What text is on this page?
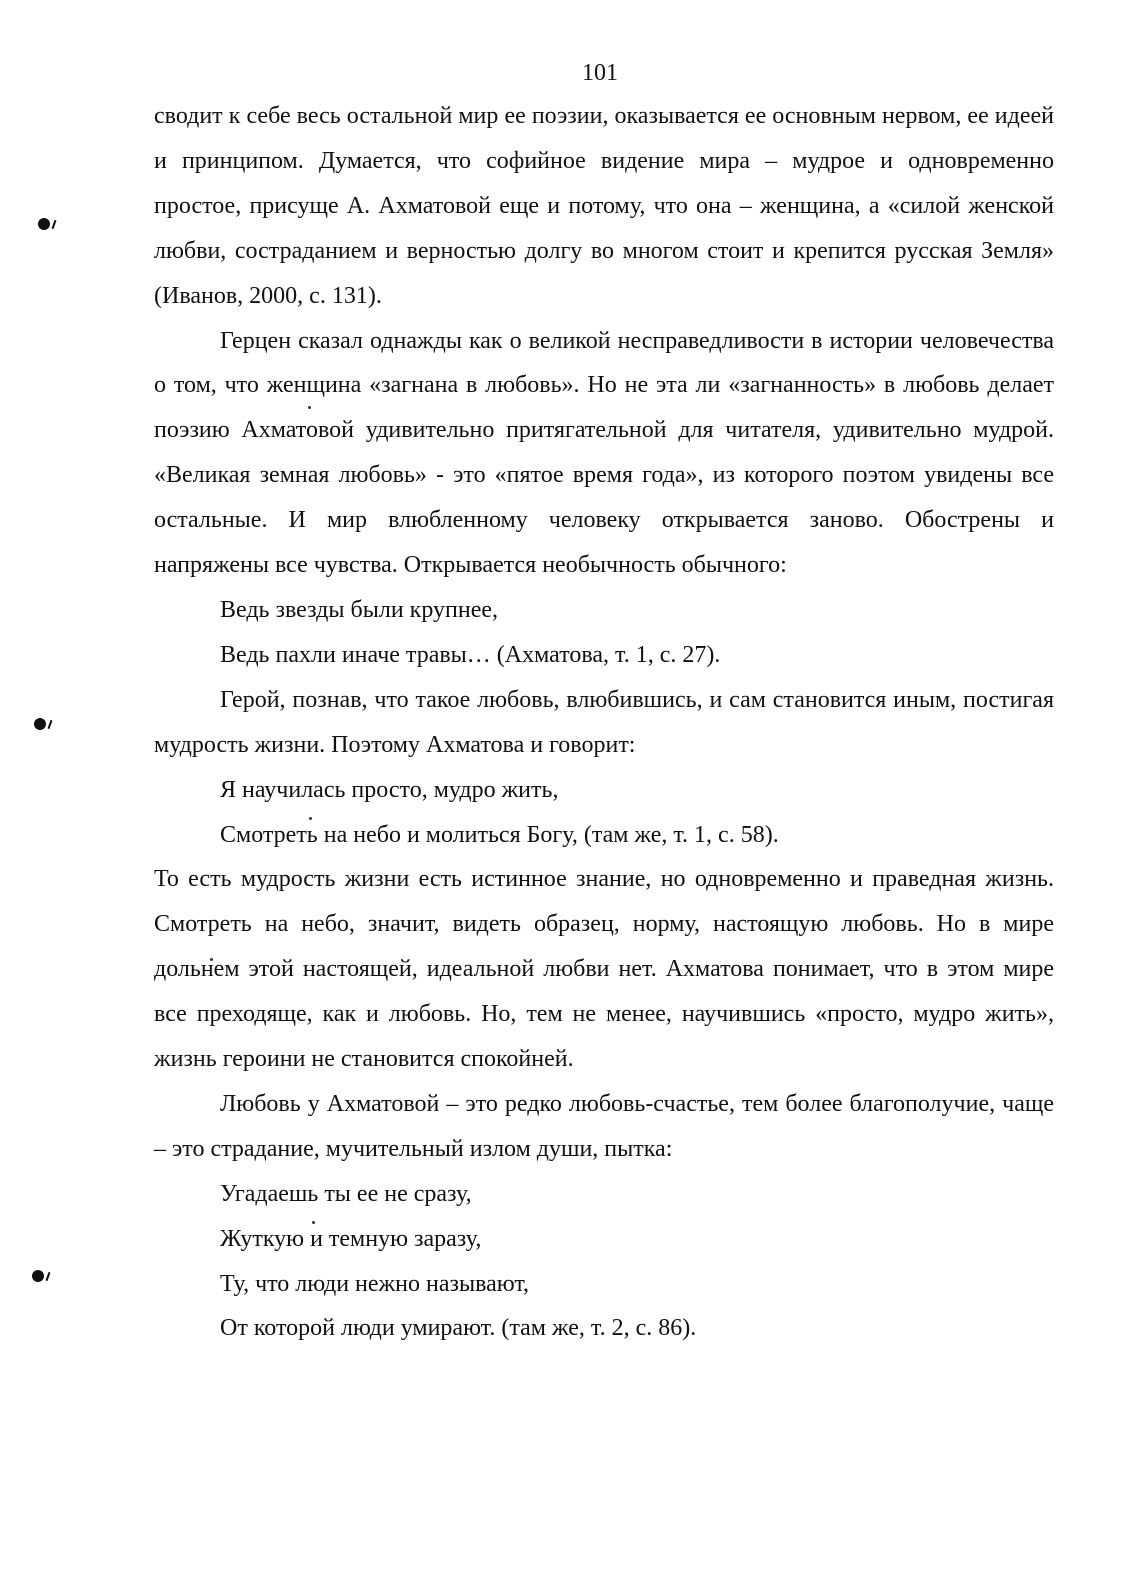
101

сводит к себе весь остальной мир ее поэзии, оказывается ее основным нервом, ее идеей и принципом. Думается, что софийное видение мира – мудрое и одновременно простое, присуще А. Ахматовой еще и потому, что она – женщина, а «силой женской любви, состраданием и верностью долгу во многом стоит и крепится русская Земля» (Иванов, 2000, с. 131).

Герцен сказал однажды как о великой несправедливости в истории человечества о том, что женщина «загнана в любовь». Но не эта ли «загнанность» в любовь делает поэзию Ахматовой удивительно притягательной для читателя, удивительно мудрой. «Великая земная любовь» - это «пятое время года», из которого поэтом увидены все остальные. И мир влюбленному человеку открывается заново. Обострены и напряжены все чувства. Открывается необычность обычного:

Ведь звезды были крупнее,

Ведь пахли иначе травы… (Ахматова, т. 1, с. 27).

Герой, познав, что такое любовь, влюбившись, и сам становится иным, постигая мудрость жизни. Поэтому Ахматова и говорит:

Я научилась просто, мудро жить,

Смотреть на небо и молиться Богу, (там же, т. 1, с. 58).

То есть мудрость жизни есть истинное знание, но одновременно и праведная жизнь. Смотреть на небо, значит, видеть образец, норму, настоящую любовь. Но в мире дольнем этой настоящей, идеальной любви нет. Ахматова понимает, что в этом мире все преходяще, как и любовь. Но, тем не менее, научившись «просто, мудро жить», жизнь героини не становится спокойней.

Любовь у Ахматовой – это редко любовь-счастье, тем более благополучие, чаще – это страдание, мучительный излом души, пытка:

Угадаешь ты ее не сразу,

Жуткую и темную заразу,

Ту, что люди нежно называют,

От которой люди умирают. (там же, т. 2, с. 86).
